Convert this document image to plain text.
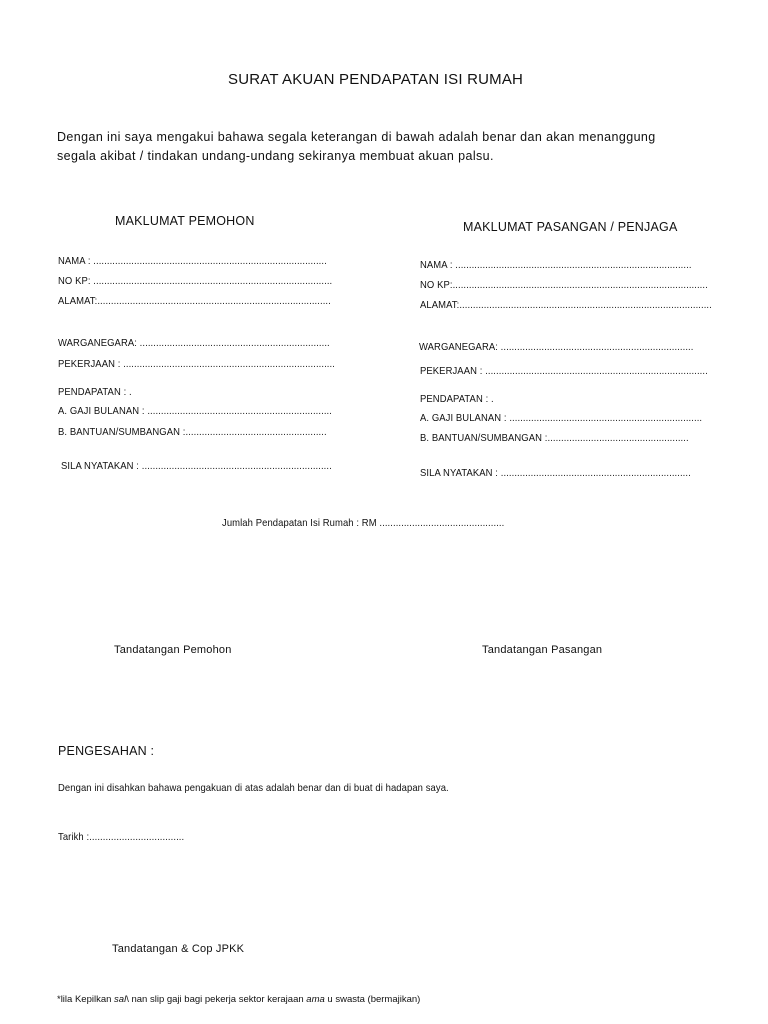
SURAT AKUAN PENDAPATAN ISI RUMAH
Dengan ini saya mengakui bahawa segala keterangan di bawah adalah benar dan akan menanggung
segala akibat / tindakan undang-undang sekiranya membuat akuan palsu.
MAKLUMAT PEMOHON
NAMA : ......................................................................................
NO KP: ........................................................................................
ALAMAT:......................................................................................
WARGANEGARA: ......................................................................
PEKERJAAN : ..............................................................................
PENDAPATAN : .
A. GAJI BULANAN : ....................................................................
B. BANTUAN/SUMBANGAN :....................................................
SILA NYATAKAN : ......................................................................
MAKLUMAT PASANGAN / PENJAGA
NAMA : .......................................................................................
NO KP:..............................................................................................
ALAMAT:.............................................................................................
WARGANEGARA: .......................................................................
PEKERJAAN : ..................................................................................
PENDAPATAN : .
A. GAJI BULANAN : .......................................................................
B. BANTUAN/SUMBANGAN :....................................................
SILA NYATAKAN : ......................................................................
Jumlah Pendapatan Isi Rumah : RM ..............................................
Tandatangan Pemohon	Tandatangan Pasangan
PENGESAHAN :
Dengan ini disahkan bahawa pengakuan di atas adalah benar dan di buat di hadapan saya.
Tarikh :...................................
Tandatangan & Cop JPKK
*lila Kepilkan sal\ nan slip gaji bagi pekerja sektor kerajaan ama u swasta (bermajikan)
